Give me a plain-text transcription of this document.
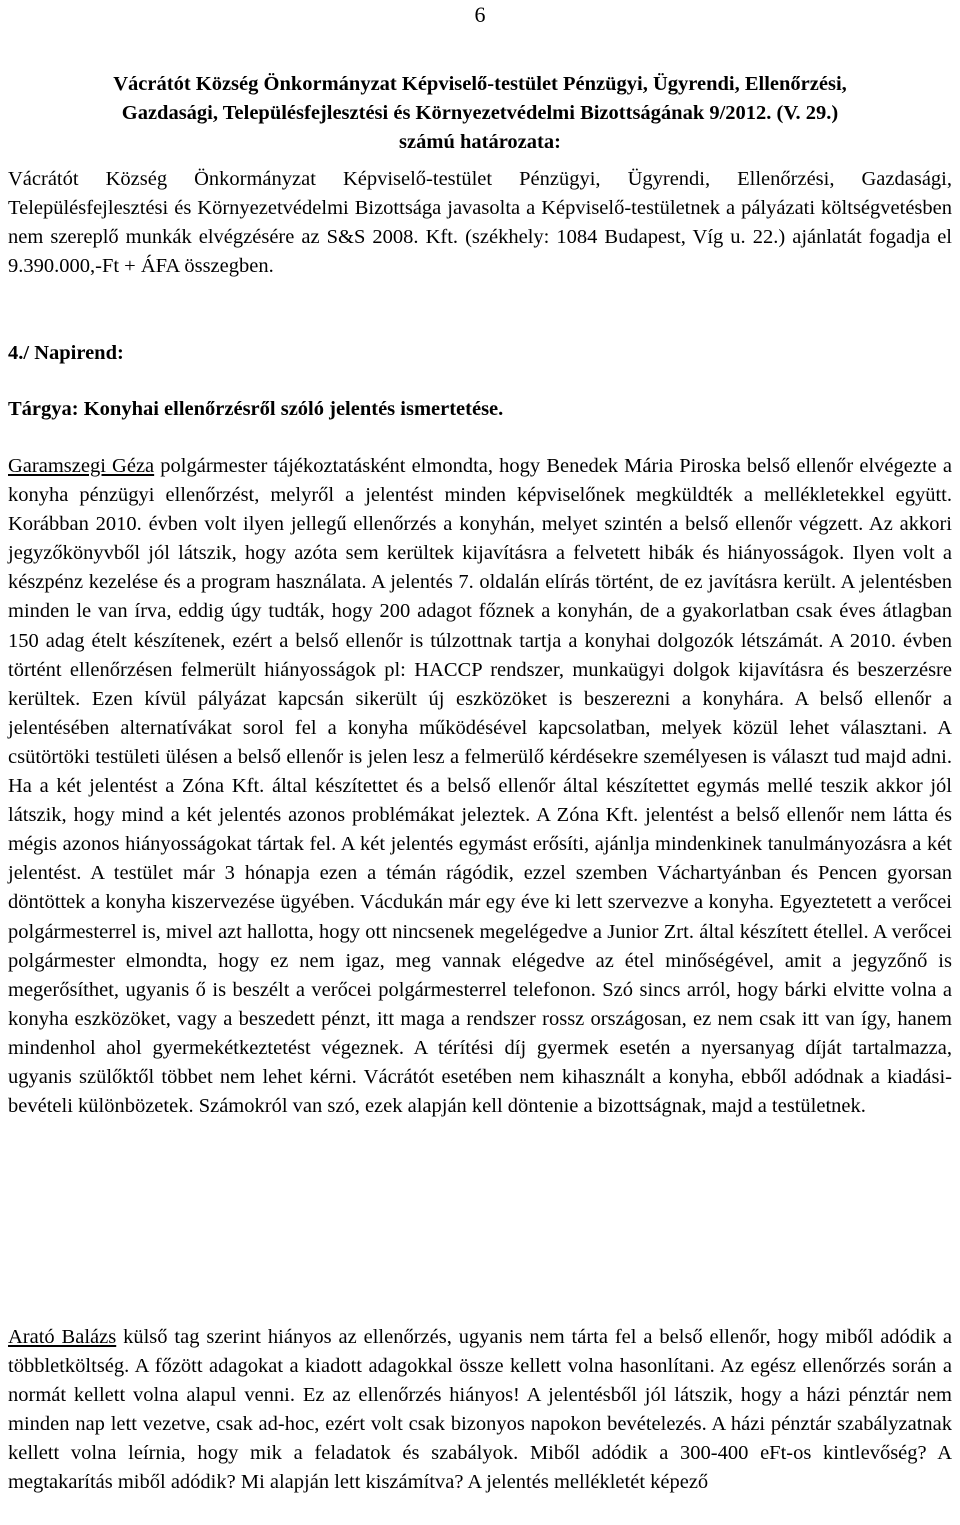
6
Vácrátót Község Önkormányzat Képviselő-testület Pénzügyi, Ügyrendi, Ellenőrzési,
Gazdasági, Településfejlesztési és Környezetvédelmi Bizottságának 9/2012. (V. 29.)
számú határozata:
Vácrátót Község Önkormányzat Képviselő-testület Pénzügyi, Ügyrendi, Ellenőrzési, Gazdasági, Településfejlesztési és Környezetvédelmi Bizottsága javasolta a Képviselő-testületnek a pályázati költségvetésben nem szereplő munkák elvégzésére az S&S 2008. Kft. (székhely: 1084 Budapest, Víg u. 22.) ajánlatát fogadja el 9.390.000,-Ft + ÁFA összegben.
4./ Napirend:
Tárgya: Konyhai ellenőrzésről szóló jelentés ismertetése.
Garamszegi Géza polgármester tájékoztatásként elmondta, hogy Benedek Mária Piroska belső ellenőr elvégezte a konyha pénzügyi ellenőrzést, melyről a jelentést minden képviselőnek megküldték a mellékletekkel együtt. Korábban 2010. évben volt ilyen jellegű ellenőrzés a konyhán, melyet szintén a belső ellenőr végzett. Az akkori jegyzőkönyvből jól látszik, hogy azóta sem kerültek kijavításra a felvetett hibák és hiányosságok. Ilyen volt a készpénz kezelése és a program használata. A jelentés 7. oldalán elírás történt, de ez javításra került. A jelentésben minden le van írva, eddig úgy tudták, hogy 200 adagot főznek a konyhán, de a gyakorlatban csak éves átlagban 150 adag ételt készítenek, ezért a belső ellenőr is túlzottnak tartja a konyhai dolgozók létszámát. A 2010. évben történt ellenőrzésen felmerült hiányosságok pl: HACCP rendszer, munkaügyi dolgok kijavításra és beszerzésre kerültek. Ezen kívül pályázat kapcsán sikerült új eszközöket is beszerezni a konyhára. A belső ellenőr a jelentésében alternatívákat sorol fel a konyha működésével kapcsolatban, melyek közül lehet választani. A csütörtöki testületi ülésen a belső ellenőr is jelen lesz a felmerülő kérdésekre személyesen is választ tud majd adni. Ha a két jelentést a Zóna Kft. által készítettet és a belső ellenőr által készítettet egymás mellé teszik akkor jól látszik, hogy mind a két jelentés azonos problémákat jeleztek. A Zóna Kft. jelentést a belső ellenőr nem látta és mégis azonos hiányosságokat tártak fel. A két jelentés egymást erősíti, ajánlja mindenkinek tanulmányozásra a két jelentést. A testület már 3 hónapja ezen a témán rágódik, ezzel szemben Váchartyánban és Pencen gyorsan döntöttek a konyha kiszervezése ügyében. Vácdukán már egy éve ki lett szervezve a konyha. Egyeztetett a verőcei polgármesterrel is, mivel azt hallotta, hogy ott nincsenek megelégedve a Junior Zrt. által készített étellel. A verőcei polgármester elmondta, hogy ez nem igaz, meg vannak elégedve az étel minőségével, amit a jegyzőnő is megerősíthet, ugyanis ő is beszélt a verőcei polgármesterrel telefonon. Szó sincs arról, hogy bárki elvitte volna a konyha eszközöket, vagy a beszedett pénzt, itt maga a rendszer rossz országosan, ez nem csak itt van így, hanem mindenhol ahol gyermekétkeztetést végeznek. A térítési díj gyermek esetén a nyersanyag díját tartalmazza, ugyanis szülőktől többet nem lehet kérni. Vácrátót esetében nem kihasznált a konyha, ebből adódnak a kiadási-bevételi különbözetek. Számokról van szó, ezek alapján kell döntenie a bizottságnak, majd a testületnek.
Arató Balázs külső tag szerint hiányos az ellenőrzés, ugyanis nem tárta fel a belső ellenőr, hogy miből adódik a többletköltség. A főzött adagokat a kiadott adagokkal össze kellett volna hasonlítani. Az egész ellenőrzés során a normát kellett volna alapul venni. Ez az ellenőrzés hiányos! A jelentésből jól látszik, hogy a házi pénztár nem minden nap lett vezetve, csak ad-hoc, ezért volt csak bizonyos napokon bevételezés. A házi pénztár szabályzatnak kellett volna leírnia, hogy mik a feladatok és szabályok. Miből adódik a 300-400 eFt-os kintlevőség? A megtakarítás miből adódik? Mi alapján lett kiszámítva? A jelentés mellékletét képező
